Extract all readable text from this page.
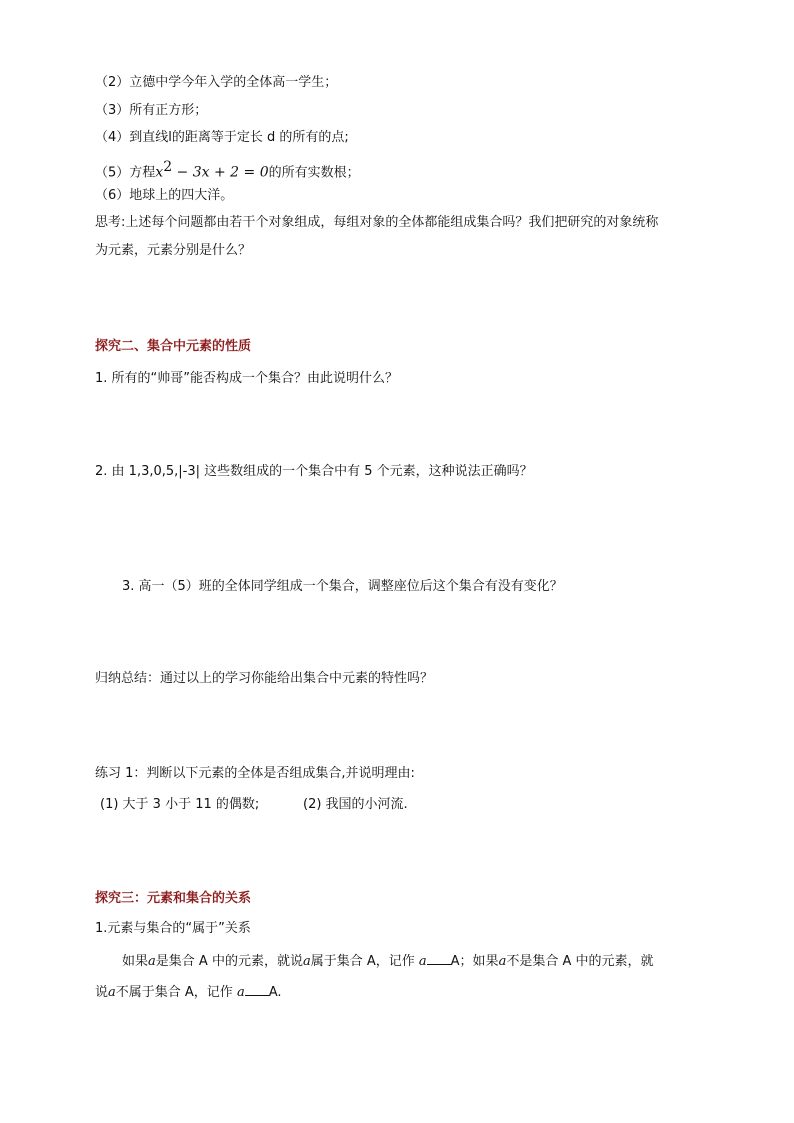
（2）立德中学今年入学的全体高一学生；
（3）所有正方形；
（4）到直线l的距离等于定长 d 的所有的点;
（5）方程$x^2 - 3x + 2 = 0$的所有实数根；
（6）地球上的四大洋。
思考:上述每个问题都由若干个对象组成，每组对象的全体都能组成集合吗？我们把研究的对象统称
为元素，元素分别是什么？
探究二、集合中元素的性质
1. 所有的“帅哥”能否构成一个集合？由此说明什么？
2. 由 1,3,0,5,|-3| 这些数组成的一个集合中有 5 个元素，这种说法正确吗？
3. 高一（5）班的全体同学组成一个集合，调整座位后这个集合有没有变化？
归纳总结：通过以上的学习你能给出集合中元素的特性吗？
练习 1：判断以下元素的全体是否组成集合,并说明理由:
(1) 大于 3 小于 11 的偶数;	(2) 我国的小河流.
探究三：元素和集合的关系
1.元素与集合的“属于”关系
如果a是集合 A 中的元素，就说a属于集合 A，记作 a A；如果a不是集合 A 中的元素，就
说a不属于集合 A，记作 a A.
